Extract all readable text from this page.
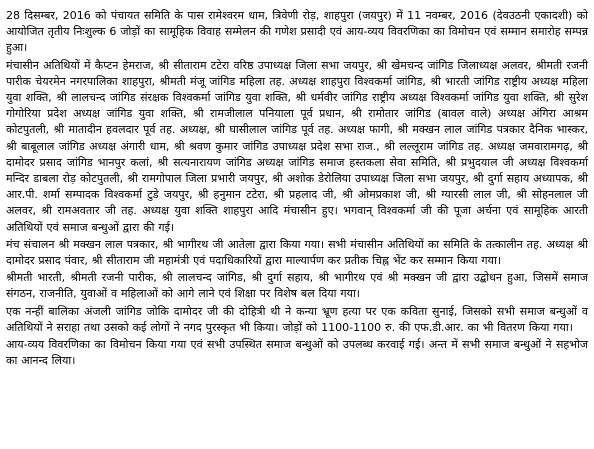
28 दिसम्बर, 2016 को पंचायत समिति के पास रामेश्वरम धाम, त्रिवेणी रोड़, शाहपुरा (जयपुर) में 11 नवम्बर, 2016 (देवउठनी एकादशी) को आयोजित तृतीय निःशुल्क 6 जोड़ों का सामूहिक विवाह सम्मेलन की गणेश प्रसादी एवं आय-व्यय विवरणिका का विमोचन एवं सम्मान समारोह सम्पन्न हुआ।

मंचासीन अतिथियों में कैप्टन हेमराज, श्री सीताराम टटेरा वरिष्ठ उपाध्यक्ष जिला सभा जयपुर, श्री खेमचन्द जांगिड जिलाध्यक्ष अलवर, श्रीमती रजनी पारीक चेयरमेन नगरपालिका शाहपुरा, श्रीमती मंजू जांगिड महिला तह. अध्यक्ष शाहपुरा विश्वकर्मा जांगिड, श्री भारती जांगिड राष्ट्रीय अध्यक्ष महिला युवा शक्ति, श्री लालचन्द जांगिड संरक्षक विश्वकर्मा जांगिड युवा शक्ति, श्री धर्मवीर जांगिड राष्ट्रीय अध्यक्ष विश्वकर्मा जांगिड युवा शक्ति, श्री सुरेश गोगोरिया प्रदेश अध्यक्ष जांगिड युवा शक्ति, श्री रामजीलाल पनियाला पूर्व प्रधान, श्री रामोतार जांगिड (बावल वाले) अध्यक्ष अंगिरा आश्रम कोटपुतली, श्री मातादीन हवलदार पूर्व तह. अध्यक्ष, श्री घासीलाल जांगिड पूर्व तह. अध्यक्ष फागी, श्री मक्खन लाल जांगिड पत्रकार दैनिक भास्कर, श्री बाबूलाल जांगिड अध्यक्ष अंगारी धाम, श्री श्रवण कुमार जांगिड उपाध्यक्ष प्रदेश सभा राज., श्री लल्लूराम जांगिड तह. अध्यक्ष जमवारामगढ़, श्री दामोदर प्रसाद जांगिड भानपुर कलां, श्री सत्यनारायण जांगिड अध्यक्ष जांगिड समाज हस्तकला सेवा समिति, श्री प्रभुदयाल जी अध्यक्ष विश्वकर्मा मन्दिर डाबला रोड़ कोटपुतली, श्री रामगोपाल जिला प्रभारी जयपुर, श्री अशोक डेरोलिया उपाध्यक्ष जिला सभा जयपुर, श्री दुर्गा सहाय अध्यापक, श्री आर.पी. शर्मा सम्पादक विश्वकर्मा टुडे जयपुर, श्री हनुमान टटेरा, श्री प्रहलाद जी, श्री ओमप्रकाश जी, श्री ग्यारसी लाल जी, श्री सोहनलाल जी अलवर, श्री रामअवतार जी तह. अध्यक्ष युवा शक्ति शाहपुरा आदि मंचासीन हुए। भगवान् विश्वकर्मा जी की पूजा अर्चना एवं सामूहिक आरती अतिथियों एवं समाज बन्धुओं द्वारा की गई।

मंच संचालन श्री मक्खन लाल पत्रकार, श्री भागीरथ जी आतेला द्वारा किया गया। सभी मंचासीन अतिथियों का समिति के तत्कालीन तह. अध्यक्ष श्री दामोदर प्रसाद पंवार, श्री सीताराम जी महामंत्री एवं पदाधिकारियों द्वारा माल्यार्पण कर प्रतीक चिह्न भेंट कर सम्मान किया गया।

श्रीमती भारती, श्रीमती रजनी पारीक, श्री लालचन्द जांगिड, श्री दुर्गा सहाय, श्री भागीरथ एवं श्री मक्खन जी द्वारा उद्बोधन हुआ, जिसमें समाज संगठन, राजनीति, युवाओं व महिलाओं को आगे लाने एवं शिक्षा पर विशेष बल दिया गया।

एक नन्हीं बालिका अंजली जांगिड जोकि दामोदर जी की दोहित्री थी ने कन्या भ्रूण हत्या पर एक कविता सुनाई, जिसको सभी समाज बन्धुओं व अतिथियों ने सराहा तथा उसको कई लोगों ने नगद पुरस्कृत भी किया। जोड़ों को 1100-1100 रु. की एफ.डी.आर. का भी वितरण किया गया।

आय-व्यय विवरणिका का विमोचन किया गया एवं सभी उपस्थित समाज बन्धुओं को उपलब्ध करवाई गई। अन्त में सभी समाज बन्धुओं ने सहभोज का आनन्द लिया।
